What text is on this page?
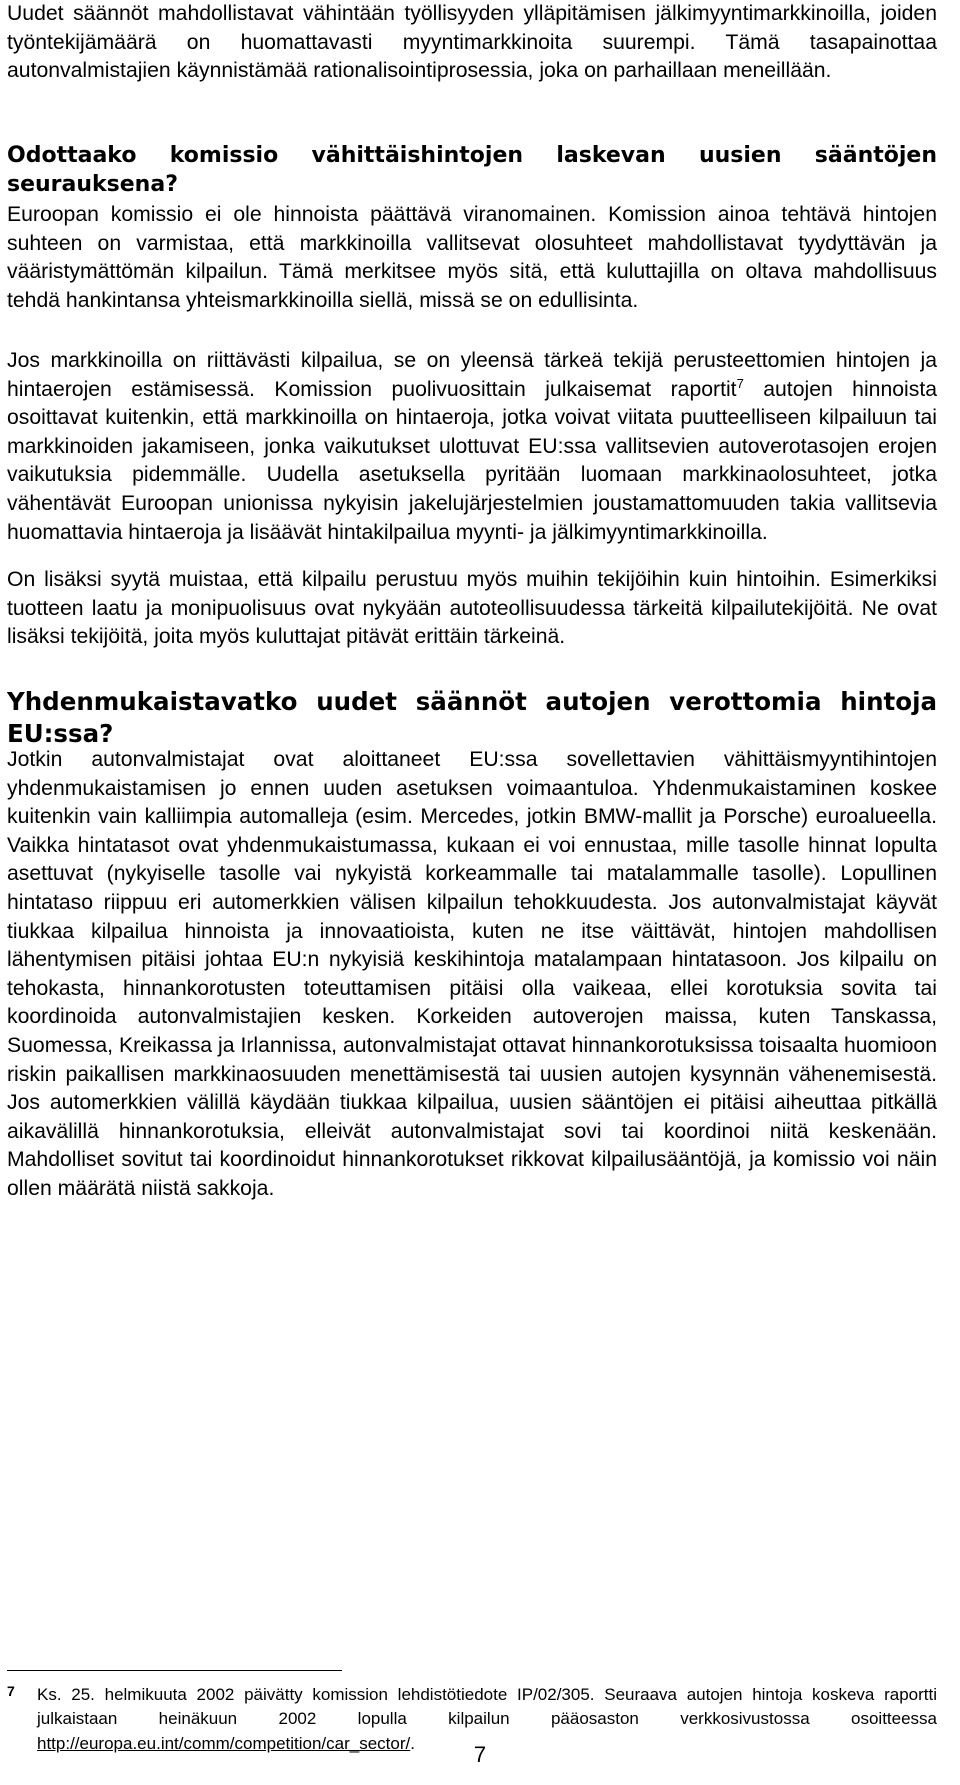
Uudet säännöt mahdollistavat vähintään työllisyyden ylläpitämisen jälkimyyntimarkkinoilla, joiden työntekijämäärä on huomattavasti myyntimarkkinoita suurempi. Tämä tasapainottaa autonvalmistajien käynnistämää rationalisointiprosessia, joka on parhaillaan meneillään.

Odottaako komissio vähittäishintojen laskevan uusien sääntöjen seurauksena?

Euroopan komissio ei ole hinnoista päättävä viranomainen. Komission ainoa tehtävä hintojen suhteen on varmistaa, että markkinoilla vallitsevat olosuhteet mahdollistavat tyydyttävän ja vääristymättömän kilpailun. Tämä merkitsee myös sitä, että kuluttajilla on oltava mahdollisuus tehdä hankintansa yhteismarkkinoilla siellä, missä se on edullisinta.

Jos markkinoilla on riittävästi kilpailua, se on yleensä tärkeä tekijä perusteettomien hintojen ja hintaerojen estämisessä. Komission puolivuosittain julkaisemat raportit$^7$ autojen hinnoista osoittavat kuitenkin, että markkinoilla on hintaeroja, jotka voivat viitata puutteelliseen kilpailuun tai markkinoiden jakamiseen, jonka vaikutukset ulottuvat EU:ssa vallitsevien autoverotasojen erojen vaikutuksia pidemmälle. Uudella asetuksella pyritään luomaan markkinaolosuhteet, jotka vähentävät Euroopan unionissa nykyisin jakelujärjestelmien joustamattomuuden takia vallitsevia huomattavia hintaeroja ja lisäävät hintakilpailua myynti- ja jälkimyyntimarkkinoilla.

On lisäksi syytä muistaa, että kilpailu perustuu myös muihin tekijöihin kuin hintoihin. Esimerkiksi tuotteen laatu ja monipuolisuus ovat nykyään autoteollisuudessa tärkeitä kilpailutekijöitä. Ne ovat lisäksi tekijöitä, joita myös kuluttajat pitävät erittäin tärkeinä.

Yhdenmukaistavatko uudet säännöt autojen verottomia hintoja EU:ssa?

Jotkin autonvalmistajat ovat aloittaneet EU:ssa sovellettavien vähittäismyyntihintojen yhdenmukaistamisen jo ennen uuden asetuksen voimaantuloa. Yhdenmukaistaminen koskee kuitenkin vain kalliimpia automalleja (esim. Mercedes, jotkin BMW-mallit ja Porsche) euroalueella. Vaikka hintatasot ovat yhdenmukaistumassa, kukaan ei voi ennustaa, mille tasolle hinnat lopulta asettuvat (nykyiselle tasolle vai nykyistä korkeammalle tai matalammalle tasolle). Lopullinen hintataso riippuu eri automerkkien välisen kilpailun tehokkuudesta. Jos autonvalmistajat käyvät tiukkaa kilpailua hinnoista ja innovaatioista, kuten ne itse väittävät, hintojen mahdollisen lähentymisen pitäisi johtaa EU:n nykyisiä keskihintoja matalampaan hintatasoon. Jos kilpailu on tehokasta, hinnankorotusten toteuttamisen pitäisi olla vaikeaa, ellei korotuksia sovita tai koordinoida autonvalmistajien kesken. Korkeiden autoverojen maissa, kuten Tanskassa, Suomessa, Kreikassa ja Irlannissa, autonvalmistajat ottavat hinnankorotuksissa toisaalta huomioon riskin paikallisen markkinaosuuden menettämisestä tai uusien autojen kysynnän vähenemisestä. Jos automerkkien välillä käydään tiukkaa kilpailua, uusien sääntöjen ei pitäisi aiheuttaa pitkällä aikavälillä hinnankorotuksia, elleivät autonvalmistajat sovi tai koordinoi niitä keskenään. Mahdolliset sovitut tai koordinoidut hinnankorotukset rikkovat kilpailusääntöjä, ja komissio voi näin ollen määrätä niistä sakkoja.

7 Ks. 25. helmikuuta 2002 päivätty komission lehdistötiedote IP/02/305. Seuraava autojen hintoja koskeva raportti julkaistaan heinäkuun 2002 lopulla kilpailun pääosaston verkkosivustossa osoitteessa http://europa.eu.int/comm/competition/car_sector/.	7
